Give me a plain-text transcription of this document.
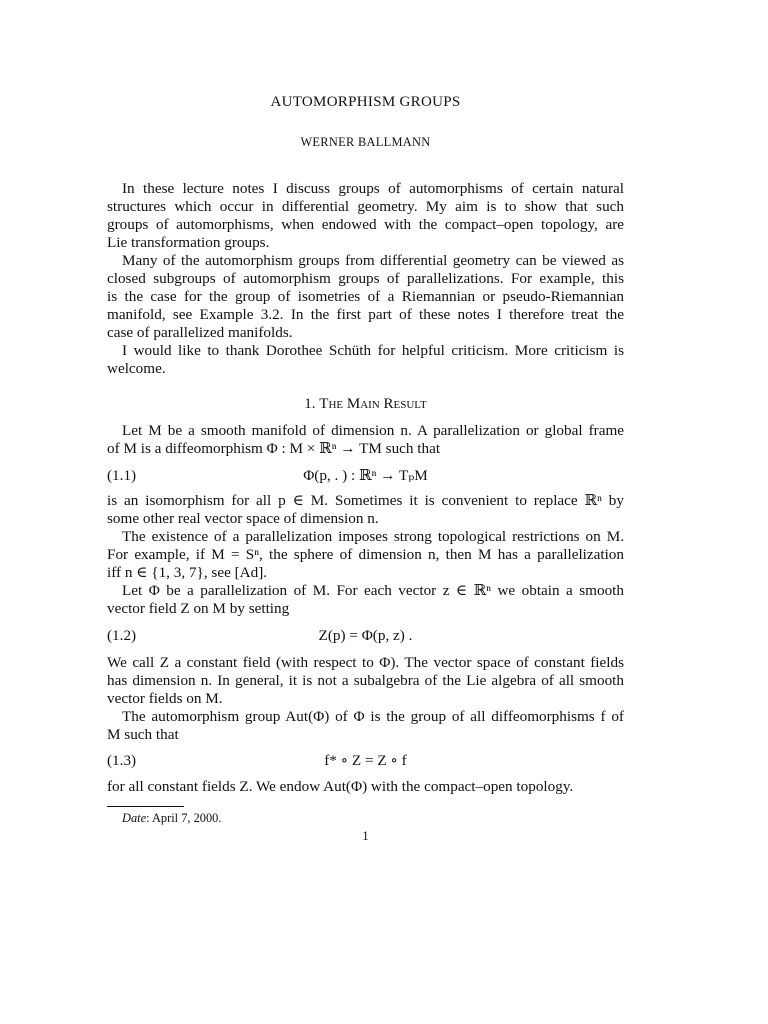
AUTOMORPHISM GROUPS
WERNER BALLMANN
In these lecture notes I discuss groups of automorphisms of certain natural
structures which occur in differential geometry. My aim is to show that such
groups of automorphisms, when endowed with the compact–open topology, are
Lie transformation groups.
Many of the automorphism groups from differential geometry can be viewed as
closed subgroups of automorphism groups of parallelizations. For example, this
is the case for the group of isometries of a Riemannian or pseudo-Riemannian
manifold, see Example 3.2. In the first part of these notes I therefore treat the
case of parallelized manifolds.
I would like to thank Dorothee Schüth for helpful criticism. More criticism is
welcome.
1. The Main Result
Let M be a smooth manifold of dimension n. A parallelization or global frame
of M is a diffeomorphism Φ : M × ℝⁿ → TM such that
(1.1)	Φ(p, . ) : ℝⁿ → TₚM
is an isomorphism for all p ∈ M. Sometimes it is convenient to replace ℝⁿ by
some other real vector space of dimension n.
The existence of a parallelization imposes strong topological restrictions on M.
For example, if M = Sⁿ, the sphere of dimension n, then M has a parallelization
iff n ∈ {1, 3, 7}, see [Ad].
Let Φ be a parallelization of M. For each vector z ∈ ℝⁿ we obtain a smooth
vector field Z on M by setting
(1.2)	Z(p) = Φ(p, z) .
We call Z a constant field (with respect to Φ). The vector space of constant fields
has dimension n. In general, it is not a subalgebra of the Lie algebra of all smooth
vector fields on M.
The automorphism group Aut(Φ) of Φ is the group of all diffeomorphisms f of
M such that
(1.3)	f* ∘ Z = Z ∘ f
for all constant fields Z. We endow Aut(Φ) with the compact–open topology.
Date: April 7, 2000.
1
